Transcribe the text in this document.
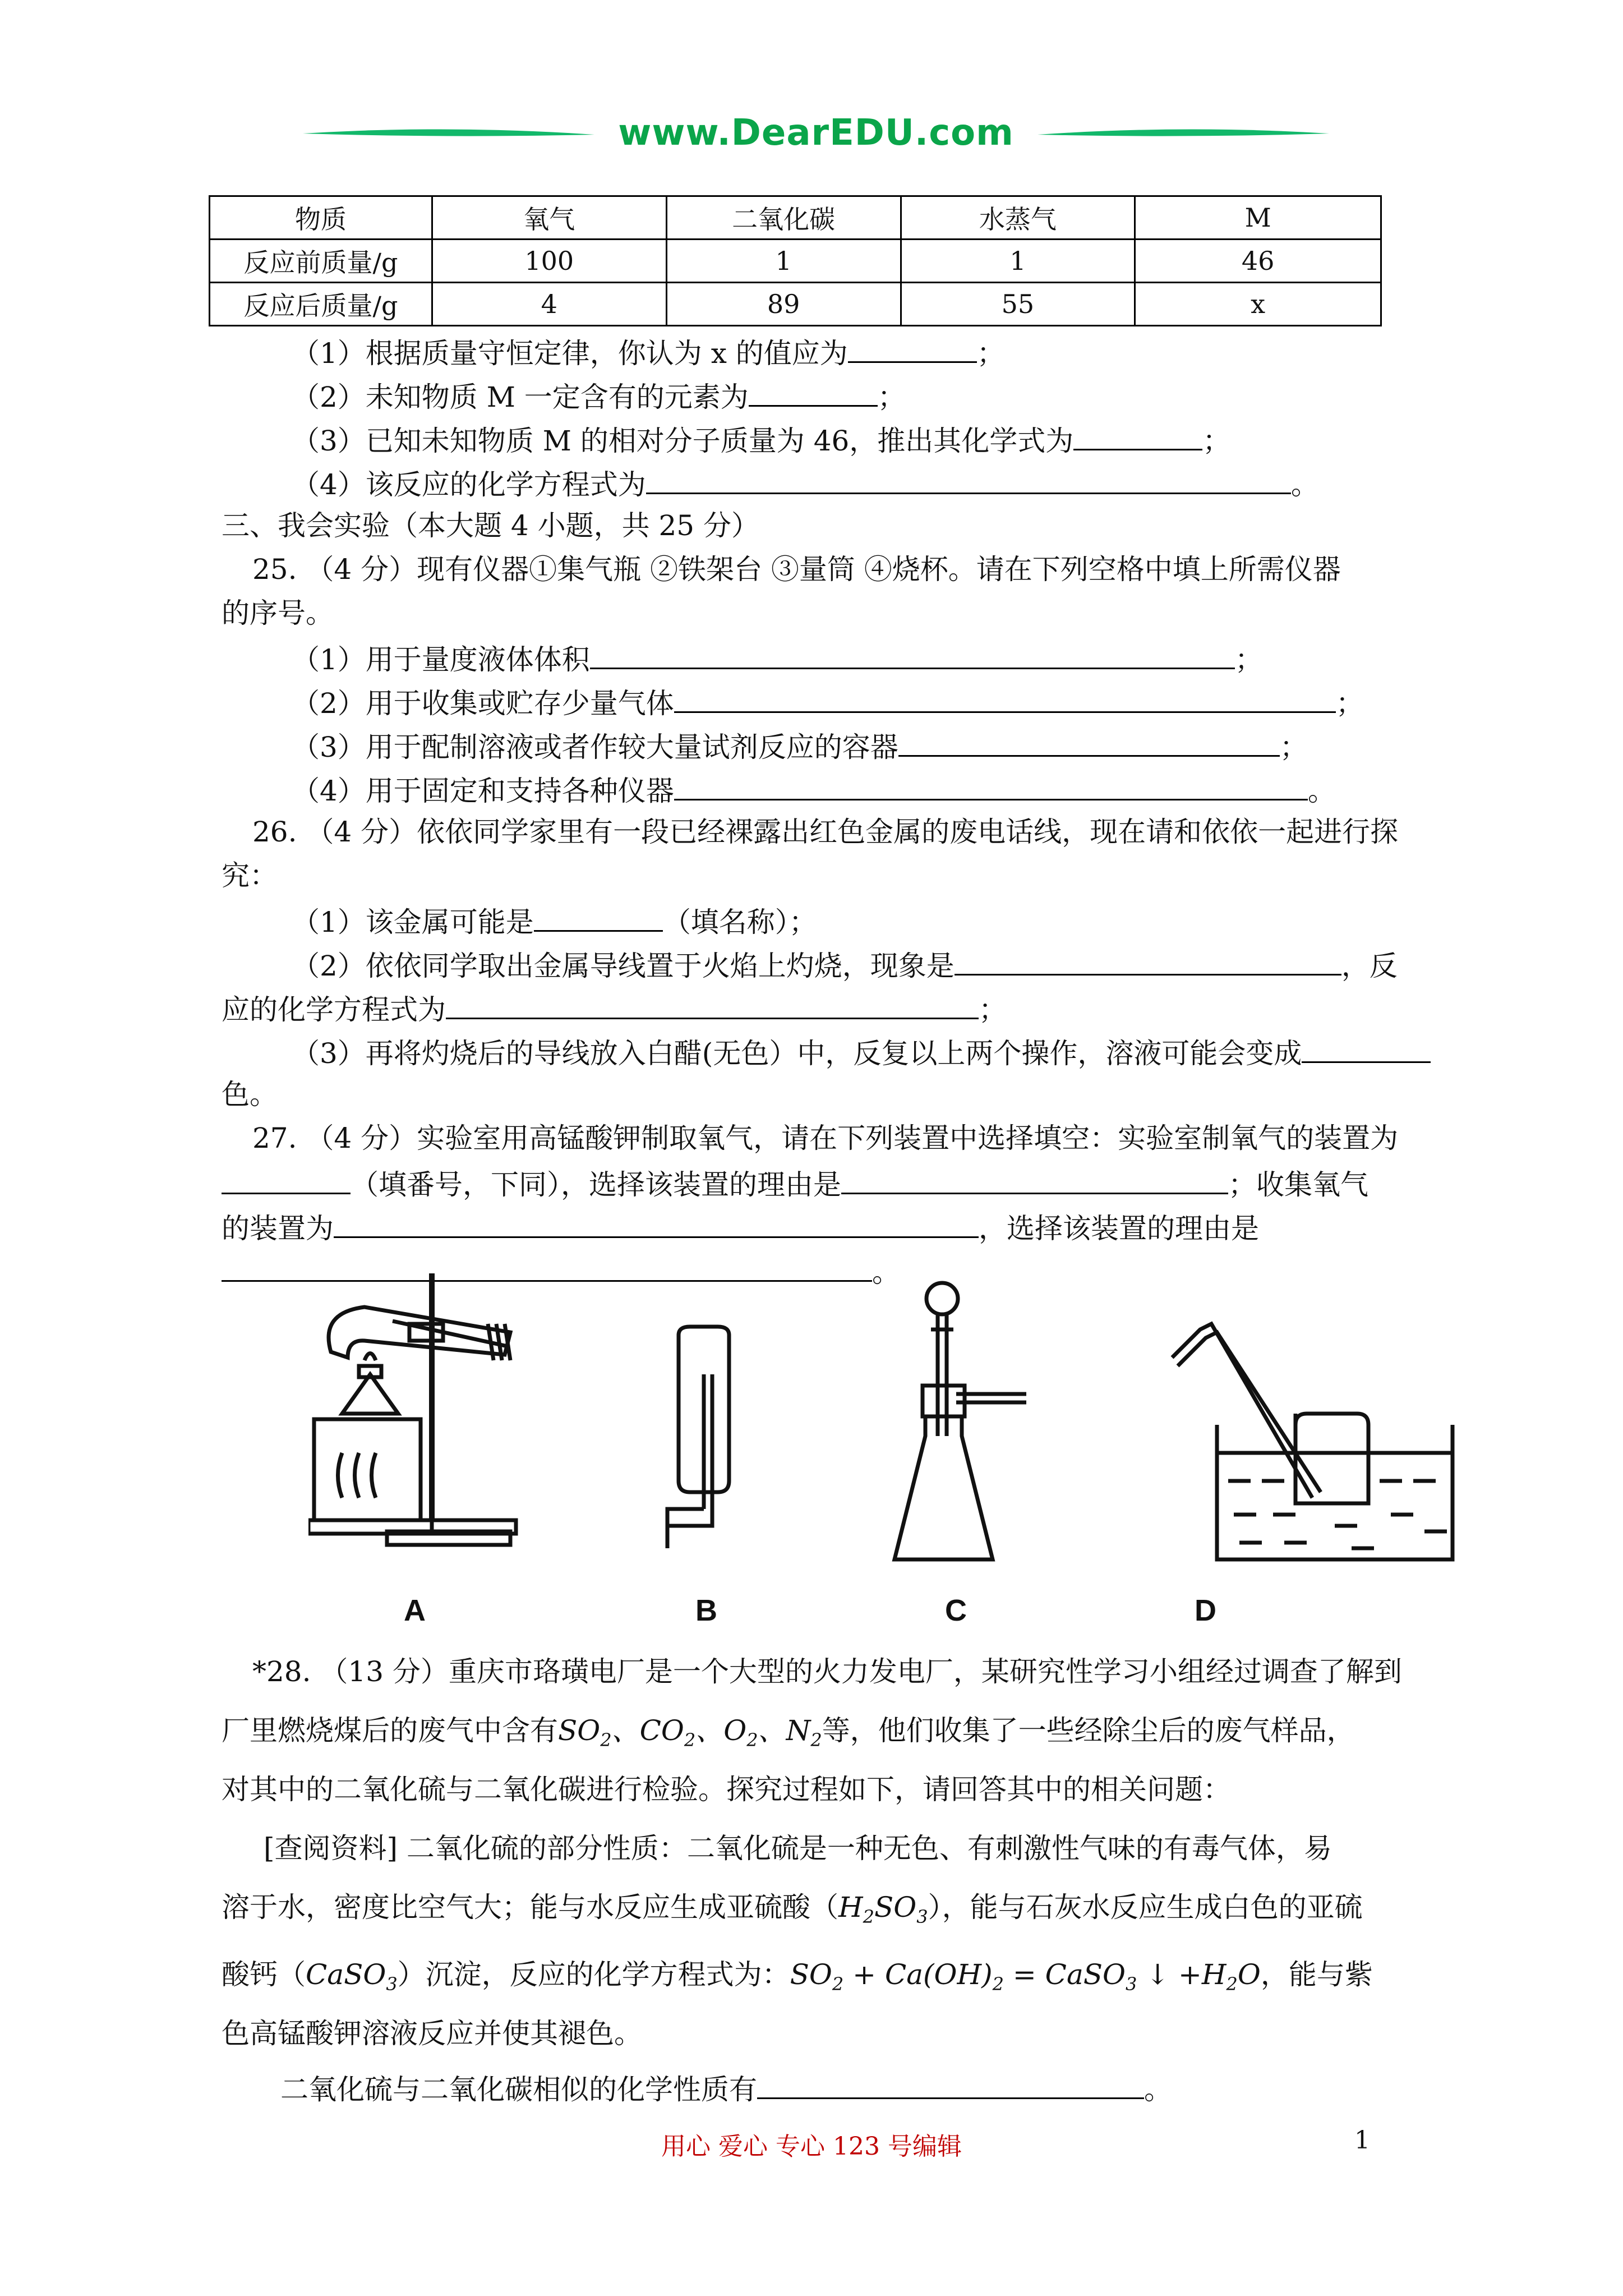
www.DearEDU.com
物质	氧气	二氧化碳	水蒸气	M
反应前质量/g	100	1	1	46
反应后质量/g	4	89	55	x
（1）根据质量守恒定律，你认为 x 的值应为	；
（2）未知物质 M 一定含有的元素为	；
（3）已知未知物质 M 的相对分子质量为 46，推出其化学式为	；
（4）该反应的化学方程式为	。
三、我会实验（本大题 4 小题，共 25 分）
25. （4 分）现有仪器①集气瓶 ②铁架台 ③量筒 ④烧杯。请在下列空格中填上所需仪器
的序号。
（1）用于量度液体体积	；
（2）用于收集或贮存少量气体	；
（3）用于配制溶液或者作较大量试剂反应的容器	；
（4）用于固定和支持各种仪器	。
26. （4 分）依依同学家里有一段已经裸露出红色金属的废电话线，现在请和依依一起进行探
究：
（1）该金属可能是	（填名称）；
（2）依依同学取出金属导线置于火焰上灼烧，现象是	，反
应的化学方程式为	；
（3）再将灼烧后的导线放入白醋(无色）中，反复以上两个操作，溶液可能会变成
色。
27. （4 分）实验室用高锰酸钾制取氧气，请在下列装置中选择填空：实验室制氧气的装置为
（填番号，下同），选择该装置的理由是	；收集氧气
的装置为	，选择该装置的理由是
。
A	B	C	D
*28. （13 分）重庆市珞璜电厂是一个大型的火力发电厂，某研究性学习小组经过调查了解到
厂里燃烧煤后的废气中含有$SO_2$、$CO_2$、$O_2$、$N_2$等，他们收集了一些经除尘后的废气样品，
对其中的二氧化硫与二氧化碳进行检验。探究过程如下，请回答其中的相关问题：
[查阅资料] 二氧化硫的部分性质：二氧化硫是一种无色、有刺激性气味的有毒气体，易
溶于水，密度比空气大；能与水反应生成亚硫酸$(H_2SO_3)$，能与石灰水反应生成白色的亚硫
酸钙（CaSO$_3$）沉淀，反应的化学方程式为：$SO_2 + Ca(OH)_2$ = CaSO$_3$ ↓ $+H_2O$，能与紫
色高锰酸钾溶液反应并使其褪色。
二氧化硫与二氧化碳相似的化学性质有	。
用心 爱心 专心 123 号编辑	1
